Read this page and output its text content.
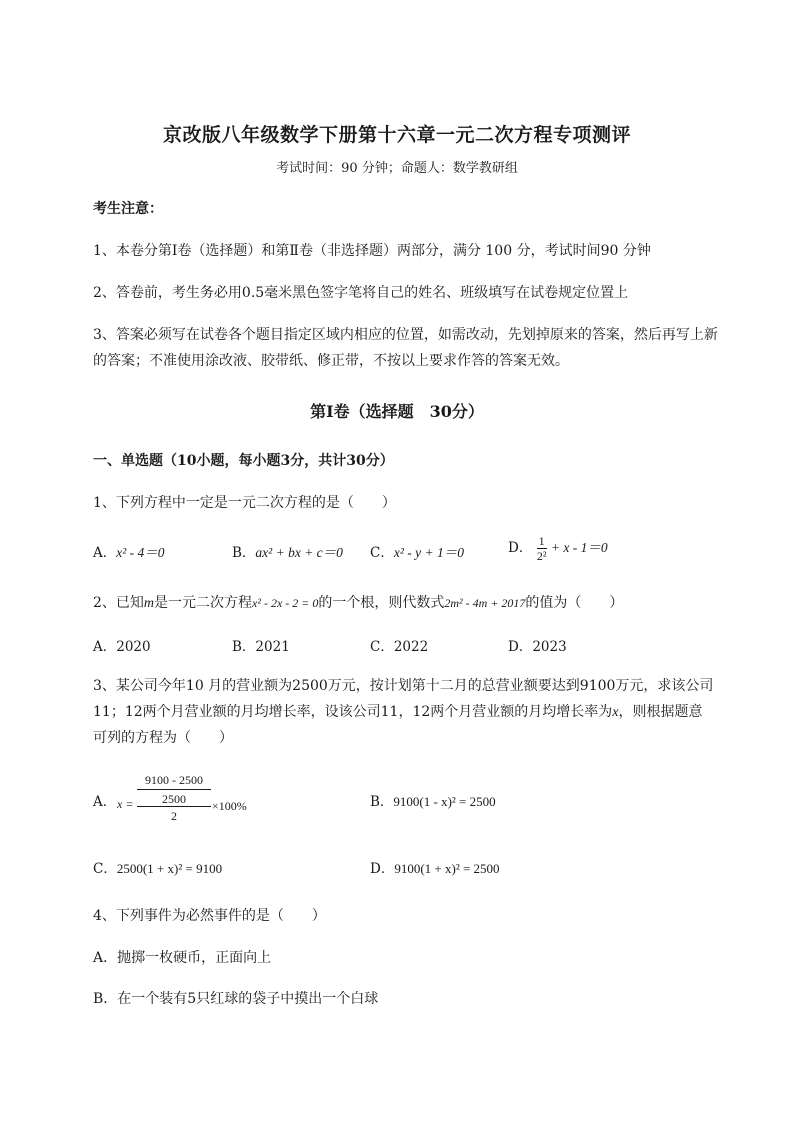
京改版八年级数学下册第十六章一元二次方程专项测评
考试时间：90 分钟；命题人：数学教研组
考生注意：
1、本卷分第Ⅰ卷（选择题）和第Ⅱ卷（非选择题）两部分，满分 100 分，考试时间90 分钟
2、答卷前，考生务必用0.5毫米黑色签字笔将自己的姓名、班级填写在试卷规定位置上
3、答案必须写在试卷各个题目指定区域内相应的位置，如需改动，先划掉原来的答案，然后再写上新
的答案；不准使用涂改液、胶带纸、修正带，不按以上要求作答的答案无效。
第Ⅰ卷（选择题　30分）
一、单选题（10小题，每小题3分，共计30分）
1、下列方程中一定是一元二次方程的是（　　）
A．x² - 4＝0	B．ax² + bx + c＝0 C．x² - y + 1＝0	D． $\frac{1}{\text{2²}} + x - 1=0$
2、已知m是一元二次方程x² - 2x - 2 = 0的一个根，则代数式2m² - 4m + 2017的值为（　　）
A．2020	B．2021	C．2022	D．2023
3、某公司今年10 月的营业额为2500万元，按计划第十二月的总营业额要达到9100万元，求该公司
11；12两个月营业额的月均增长率，设该公司11，12两个月营业额的月均增长率为x，则根据题意
可列的方程为（　　）
A． x =
9100 - 2500
2500
2
×100%	B．9100(1 - x)² = 2500
C．2500(1 + x)² = 9100	D．9100(1 + x)² = 2500
4、下列事件为必然事件的是（　　）
A．抛掷一枚硬币，正面向上
B．在一个装有5只红球的袋子中摸出一个白球
